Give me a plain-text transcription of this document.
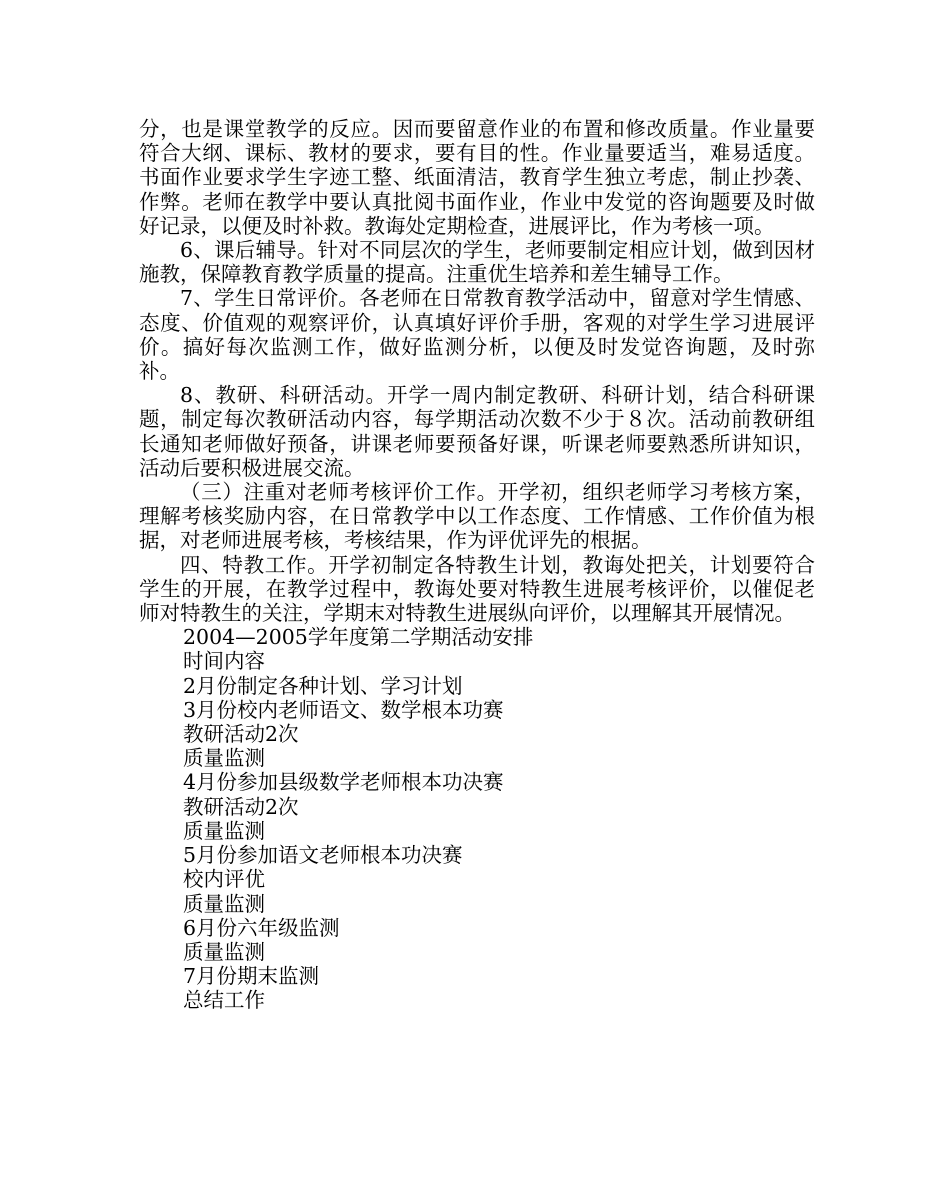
分，也是课堂教学的反应。因而要留意作业的布置和修改质量。作业量要符合大纲、课标、教材的要求，要有目的性。作业量要适当，难易适度。书面作业要求学生字迹工整、纸面清洁，教育学生独立考虑，制止抄袭、作弊。老师在教学中要认真批阅书面作业，作业中发觉的咨询题要及时做好记录，以便及时补救。教诲处定期检查，进展评比，作为考核一项。

6、课后辅导。针对不同层次的学生，老师要制定相应计划，做到因材施教，保障教育教学质量的提高。注重优生培养和差生辅导工作。

7、学生日常评价。各老师在日常教育教学活动中，留意对学生情感、态度、价值观的观察评价，认真填好评价手册，客观的对学生学习进展评价。搞好每次监测工作，做好监测分析，以便及时发觉咨询题，及时弥补。

8、教研、科研活动。开学一周内制定教研、科研计划，结合科研课题，制定每次教研活动内容，每学期活动次数不少于８次。活动前教研组长通知老师做好预备，讲课老师要预备好课，听课老师要熟悉所讲知识，活动后要积极进展交流。

（三）注重对老师考核评价工作。开学初，组织老师学习考核方案，理解考核奖励内容，在日常教学中以工作态度、工作情感、工作价值为根据，对老师进展考核，考核结果，作为评优评先的根据。

四、特教工作。开学初制定各特教生计划，教诲处把关，计划要符合学生的开展，在教学过程中，教诲处要对特教生进展考核评价，以催促老师对特教生的关注，学期末对特教生进展纵向评价，以理解其开展情况。

2004—2005学年度第二学期活动安排

时间内容

2月份制定各种计划、学习计划

3月份校内老师语文、数学根本功赛

教研活动2次

质量监测

4月份参加县级数学老师根本功决赛

教研活动2次

质量监测

5月份参加语文老师根本功决赛

校内评优

质量监测

6月份六年级监测

质量监测

7月份期末监测

总结工作
